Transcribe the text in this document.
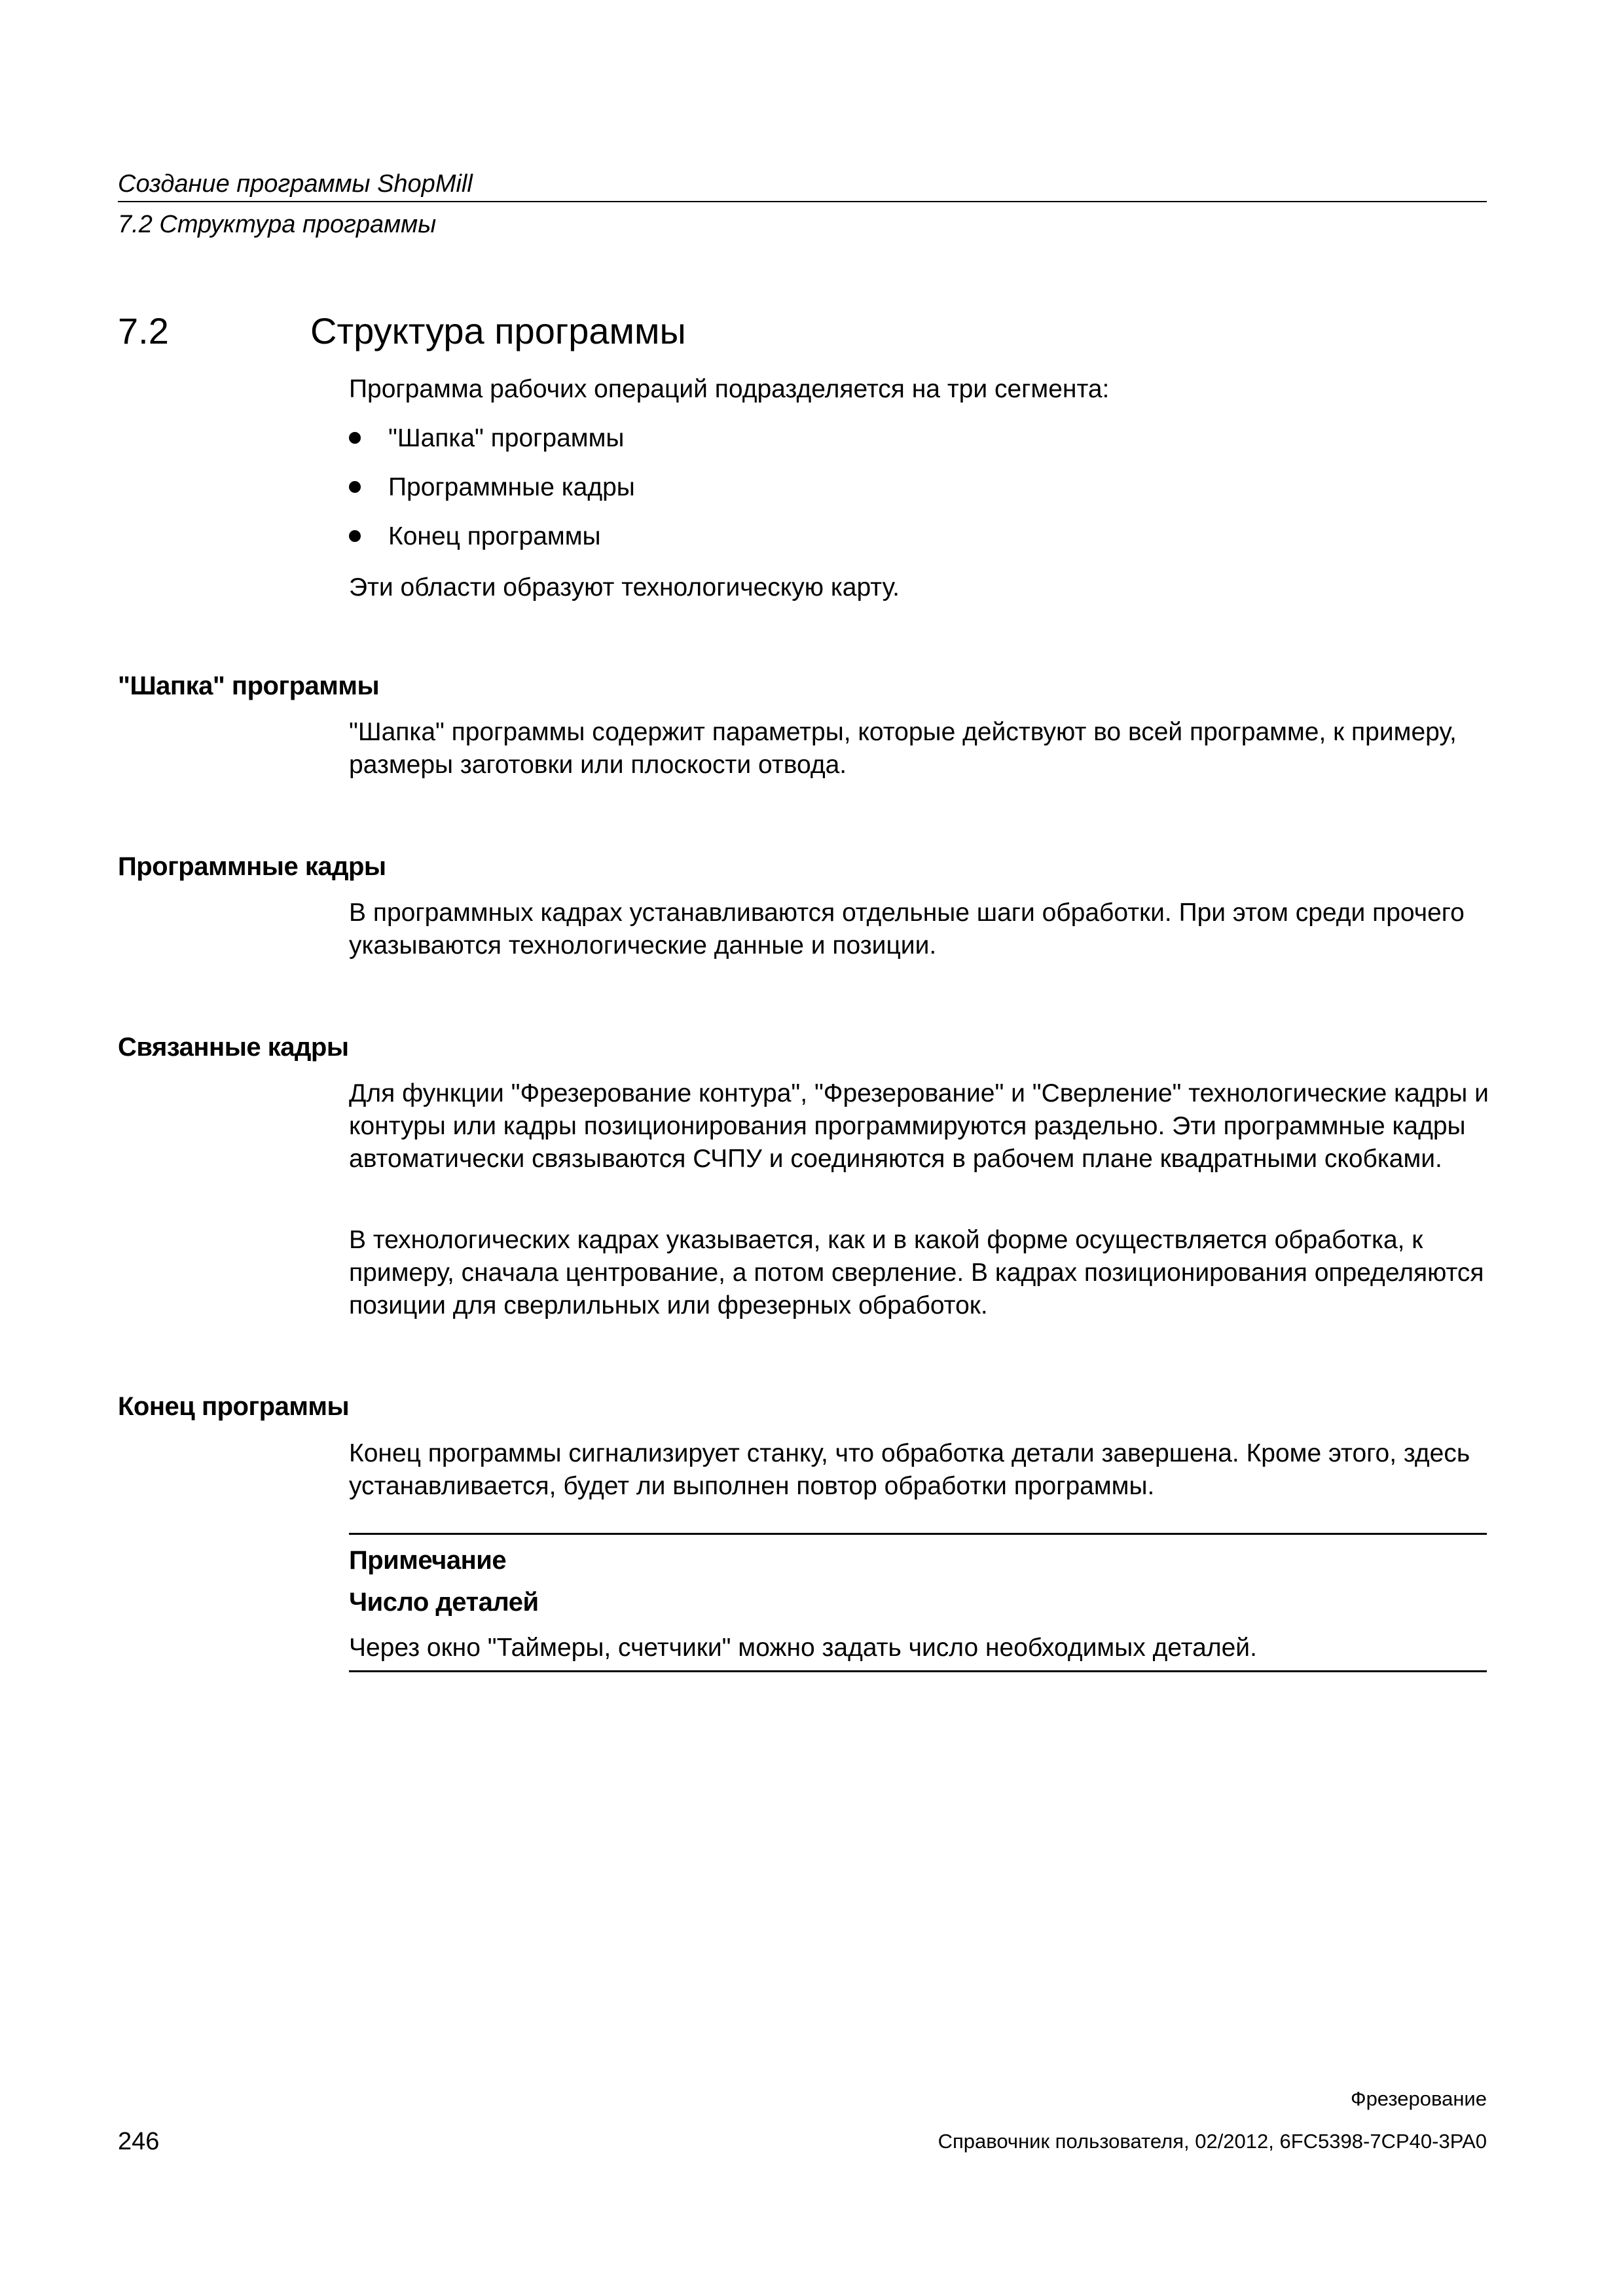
Создание программы ShopMill
7.2 Структура программы
7.2	Структура программы
Программа рабочих операций подразделяется на три сегмента:
"Шапка" программы
Программные кадры
Конец программы
Эти области образуют технологическую карту.
"Шапка" программы
"Шапка" программы содержит параметры, которые действуют во всей программе, к примеру, размеры заготовки или плоскости отвода.
Программные кадры
В программных кадрах устанавливаются отдельные шаги обработки. При этом среди прочего указываются технологические данные и позиции.
Связанные кадры
Для функции "Фрезерование контура", "Фрезерование" и "Сверление" технологические кадры и контуры или кадры позиционирования программируются раздельно. Эти программные кадры автоматически связываются СЧПУ и соединяются в рабочем плане квадратными скобками.
В технологических кадрах указывается, как и в какой форме осуществляется обработка, к примеру, сначала центрование, а потом сверление. В кадрах позиционирования определяются позиции для сверлильных или фрезерных обработок.
Конец программы
Конец программы сигнализирует станку, что обработка детали завершена. Кроме этого, здесь устанавливается, будет ли выполнен повтор обработки программы.
Примечание
Число деталей
Через окно "Таймеры, счетчики" можно задать число необходимых деталей.
Фрезерование
246	Справочник пользователя, 02/2012, 6FC5398-7CP40-3PA0
